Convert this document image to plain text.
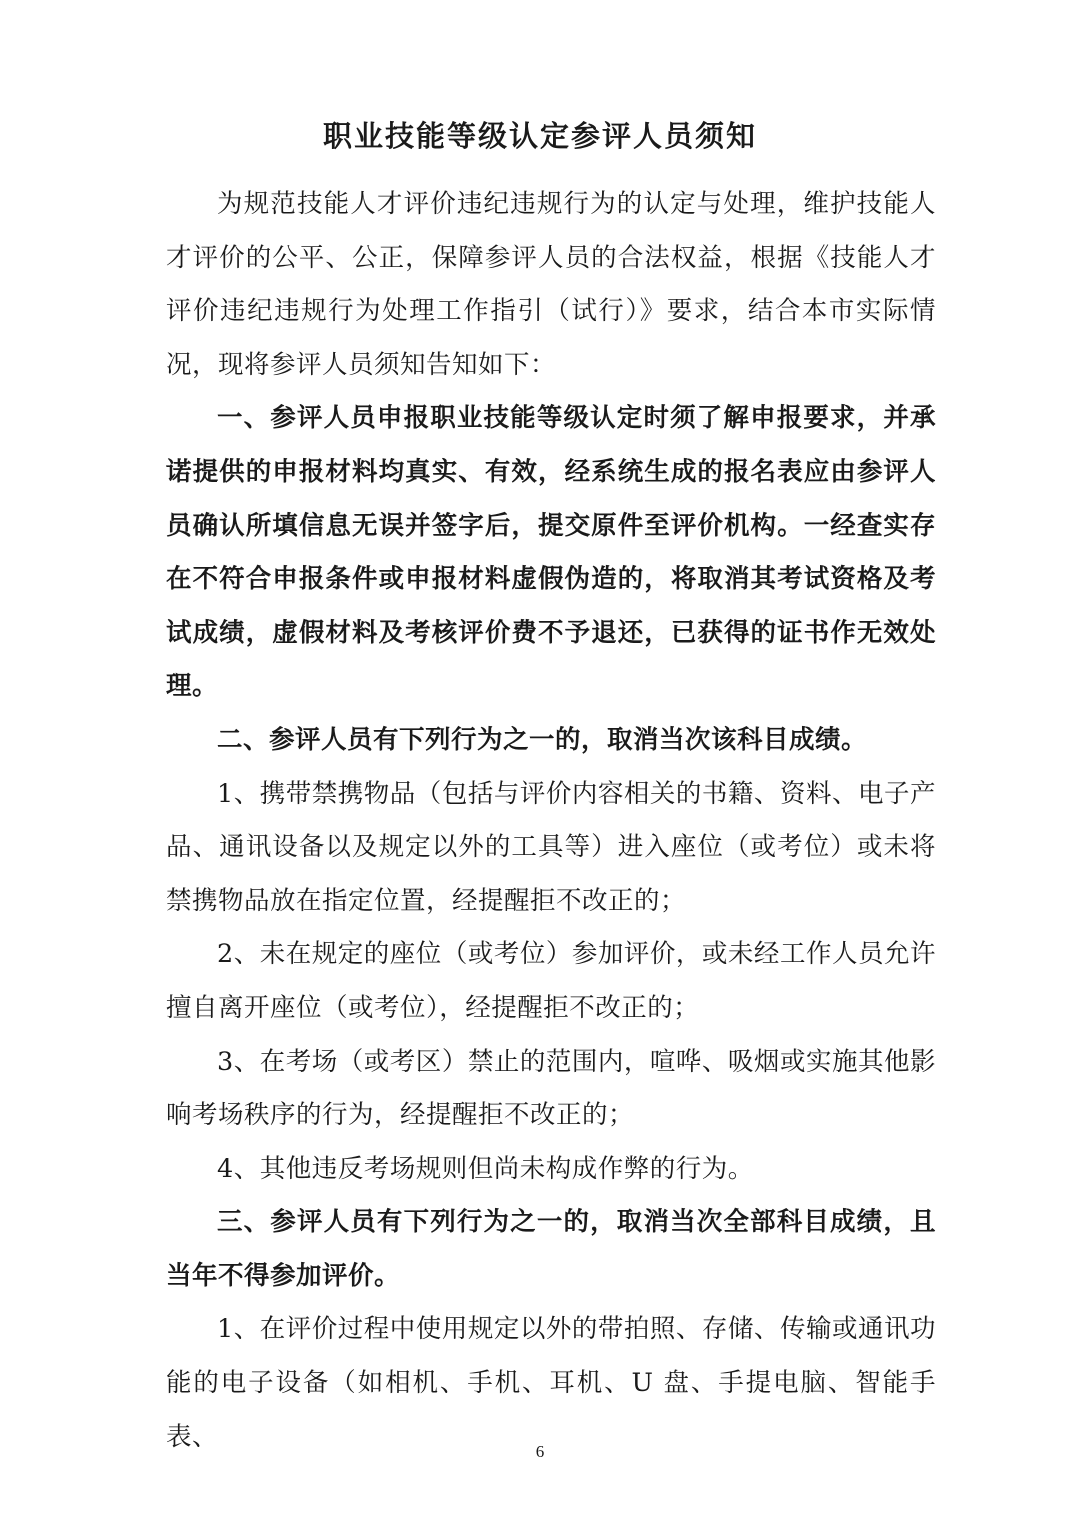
职业技能等级认定参评人员须知

为规范技能人才评价违纪违规行为的认定与处理，维护技能人才评价的公平、公正，保障参评人员的合法权益，根据《技能人才评价违纪违规行为处理工作指引（试行）》要求，结合本市实际情况，现将参评人员须知告知如下：

一、参评人员申报职业技能等级认定时须了解申报要求，并承诺提供的申报材料均真实、有效，经系统生成的报名表应由参评人员确认所填信息无误并签字后，提交原件至评价机构。一经查实存在不符合申报条件或申报材料虚假伪造的，将取消其考试资格及考试成绩，虚假材料及考核评价费不予退还，已获得的证书作无效处理。

二、参评人员有下列行为之一的，取消当次该科目成绩。

1、携带禁携物品（包括与评价内容相关的书籍、资料、电子产品、通讯设备以及规定以外的工具等）进入座位（或考位）或未将禁携物品放在指定位置，经提醒拒不改正的；

2、未在规定的座位（或考位）参加评价，或未经工作人员允许擅自离开座位（或考位），经提醒拒不改正的；

3、在考场（或考区）禁止的范围内，喧哗、吸烟或实施其他影响考场秩序的行为，经提醒拒不改正的；

4、其他违反考场规则但尚未构成作弊的行为。

三、参评人员有下列行为之一的，取消当次全部科目成绩，且当年不得参加评价。

1、在评价过程中使用规定以外的带拍照、存储、传输或通讯功能的电子设备（如相机、手机、耳机、U 盘、手提电脑、智能手表、	6
